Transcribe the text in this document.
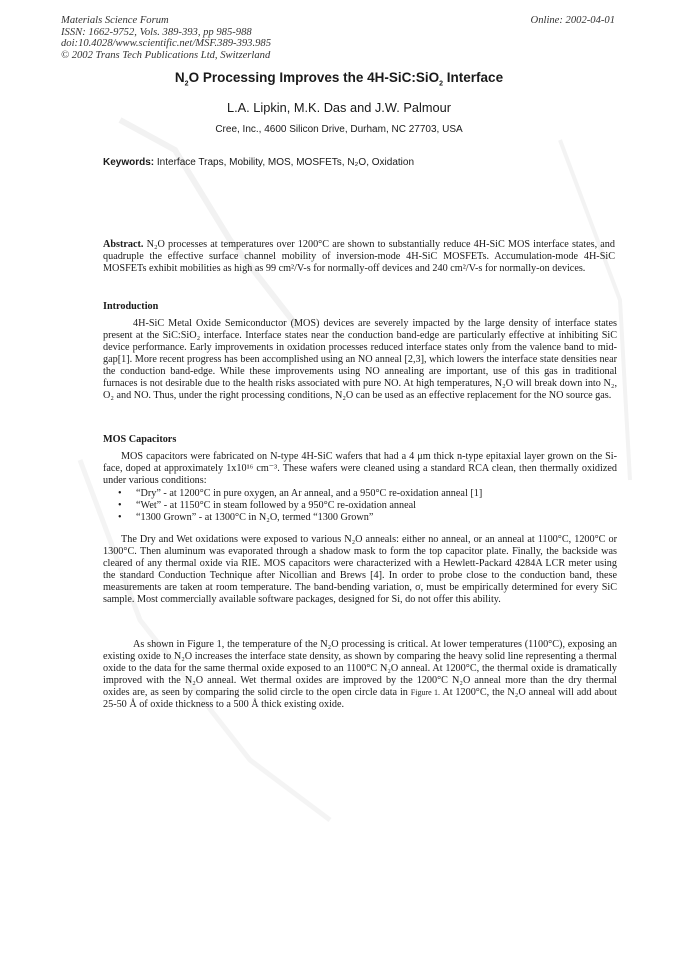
Materials Science Forum
ISSN: 1662-9752, Vols. 389-393, pp 985-988
doi:10.4028/www.scientific.net/MSF.389-393.985
© 2002 Trans Tech Publications Ltd, Switzerland
Online: 2002-04-01
$N_2O$ Processing Improves the 4H-SiC:SiO$_2$ Interface
L.A. Lipkin, M.K. Das and J.W. Palmour
Cree, Inc., 4600 Silicon Drive, Durham, NC 27703, USA
Keywords: Interface Traps, Mobility, MOS, MOSFETs, N₂O, Oxidation
Abstract. N₂O processes at temperatures over 1200°C are shown to substantially reduce 4H-SiC MOS interface states, and quadruple the effective surface channel mobility of inversion-mode 4H-SiC MOSFETs. Accumulation-mode 4H-SiC MOSFETs exhibit mobilities as high as 99 cm²/V-s for normally-off devices and 240 cm²/V-s for normally-on devices.
Introduction
4H-SiC Metal Oxide Semiconductor (MOS) devices are severely impacted by the large density of interface states present at the SiC:SiO₂ interface. Interface states near the conduction band-edge are particularly effective at inhibiting SiC device performance. Early improvements in oxidation processes reduced interface states only from the valence band to mid-gap[1]. More recent progress has been accomplished using an NO anneal [2,3], which lowers the interface state densities near the conduction band-edge. While these improvements using NO annealing are important, use of this gas in traditional furnaces is not desirable due to the health risks associated with pure NO. At high temperatures, N₂O will break down into N₂, O₂ and NO. Thus, under the right processing conditions, N₂O can be used as an effective replacement for the NO source gas.
MOS Capacitors
MOS capacitors were fabricated on N-type 4H-SiC wafers that had a 4 μm thick n-type epitaxial layer grown on the Si-face, doped at approximately 1x10¹⁶ cm⁻³. These wafers were cleaned using a standard RCA clean, then thermally oxidized under various conditions:
• “Dry” - at 1200°C in pure oxygen, an Ar anneal, and a 950°C re-oxidation anneal [1]
• “Wet” - at 1150°C in steam followed by a 950°C re-oxidation anneal
• “1300 Grown” - at 1300°C in N₂O, termed “1300 Grown”
The Dry and Wet oxidations were exposed to various N₂O anneals: either no anneal, or an anneal at 1100°C, 1200°C or 1300°C. Then aluminum was evaporated through a shadow mask to form the top capacitor plate. Finally, the backside was cleared of any thermal oxide via RIE. MOS capacitors were characterized with a Hewlett-Packard 4284A LCR meter using the standard Conduction Technique after Nicollian and Brews [4]. In order to probe close to the conduction band, these measurements are taken at room temperature. The band-bending variation, σ, must be empirically determined for every SiC sample. Most commercially available software packages, designed for Si, do not offer this ability.
As shown in Figure 1, the temperature of the N₂O processing is critical. At lower temperatures (1100°C), exposing an existing oxide to N₂O increases the interface state density, as shown by comparing the heavy solid line representing a thermal oxide to the data for the same thermal oxide exposed to an 1100°C N₂O anneal. At 1200°C, the thermal oxide is dramatically improved with the N₂O anneal. Wet thermal oxides are improved by the 1200°C N₂O anneal more than the dry thermal oxides are, as seen by comparing the solid circle to the open circle data in Figure 1. At 1200°C, the N₂O anneal will add about 25-50 Å of oxide thickness to a 500 Å thick existing oxide.
